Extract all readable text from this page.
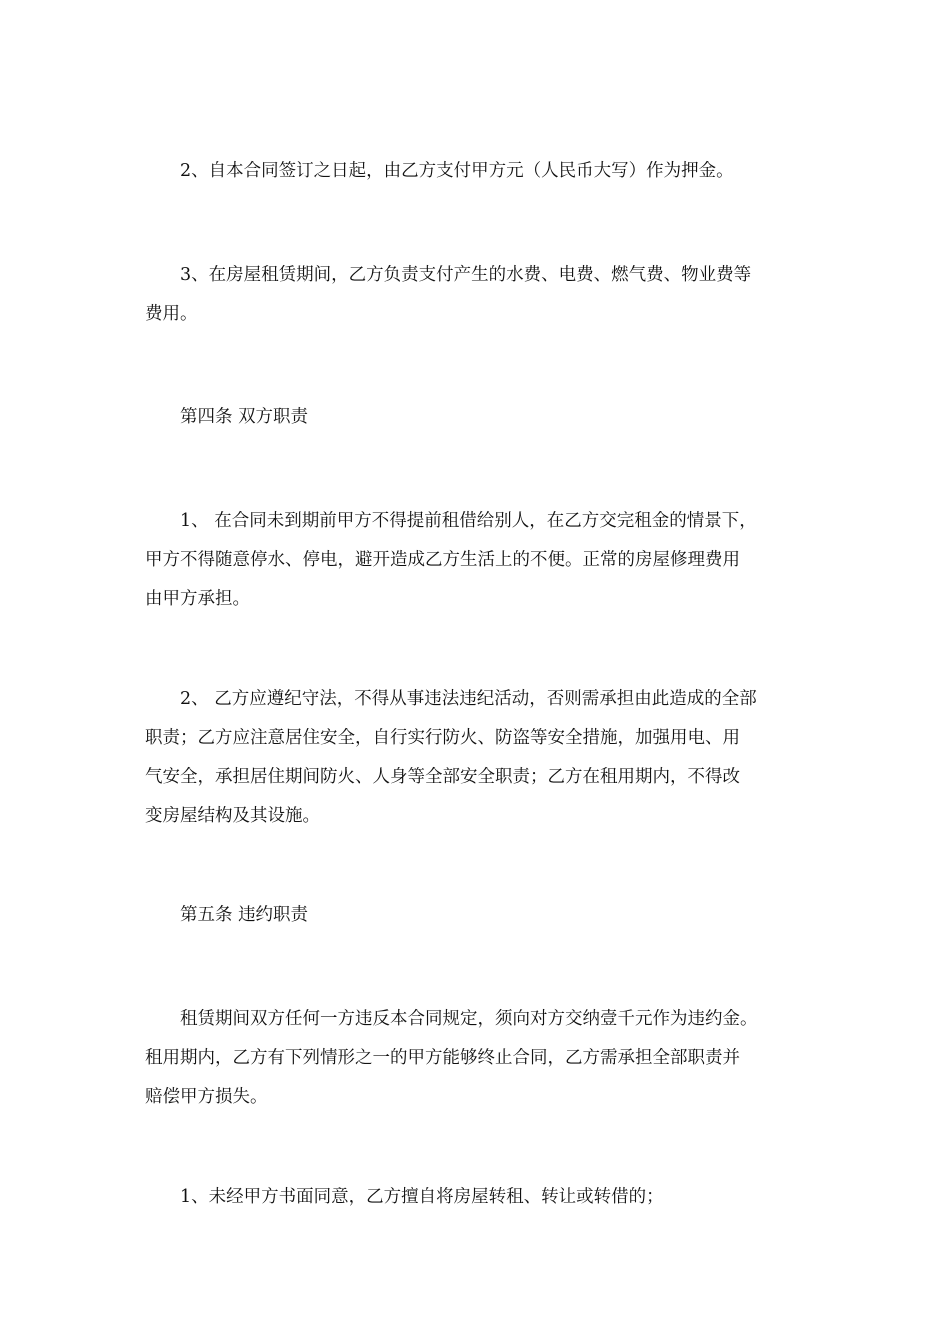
2、自本合同签订之日起，由乙方支付甲方元（人民币大写）作为押金。

3、在房屋租赁期间，乙方负责支付产生的水费、电费、燃气费、物业费等
费用。

第四条 双方职责

1、 在合同未到期前甲方不得提前租借给别人，在乙方交完租金的情景下，
甲方不得随意停水、停电，避开造成乙方生活上的不便。正常的房屋修理费用
由甲方承担。

2、 乙方应遵纪守法，不得从事违法违纪活动，否则需承担由此造成的全部
职责；乙方应注意居住安全，自行实行防火、防盗等安全措施，加强用电、用
气安全，承担居住期间防火、人身等全部安全职责；乙方在租用期内，不得改
变房屋结构及其设施。

第五条 违约职责

租赁期间双方任何一方违反本合同规定，须向对方交纳壹千元作为违约金。
租用期内，乙方有下列情形之一的甲方能够终止合同，乙方需承担全部职责并
赔偿甲方损失。

1、未经甲方书面同意，乙方擅自将房屋转租、转让或转借的；
